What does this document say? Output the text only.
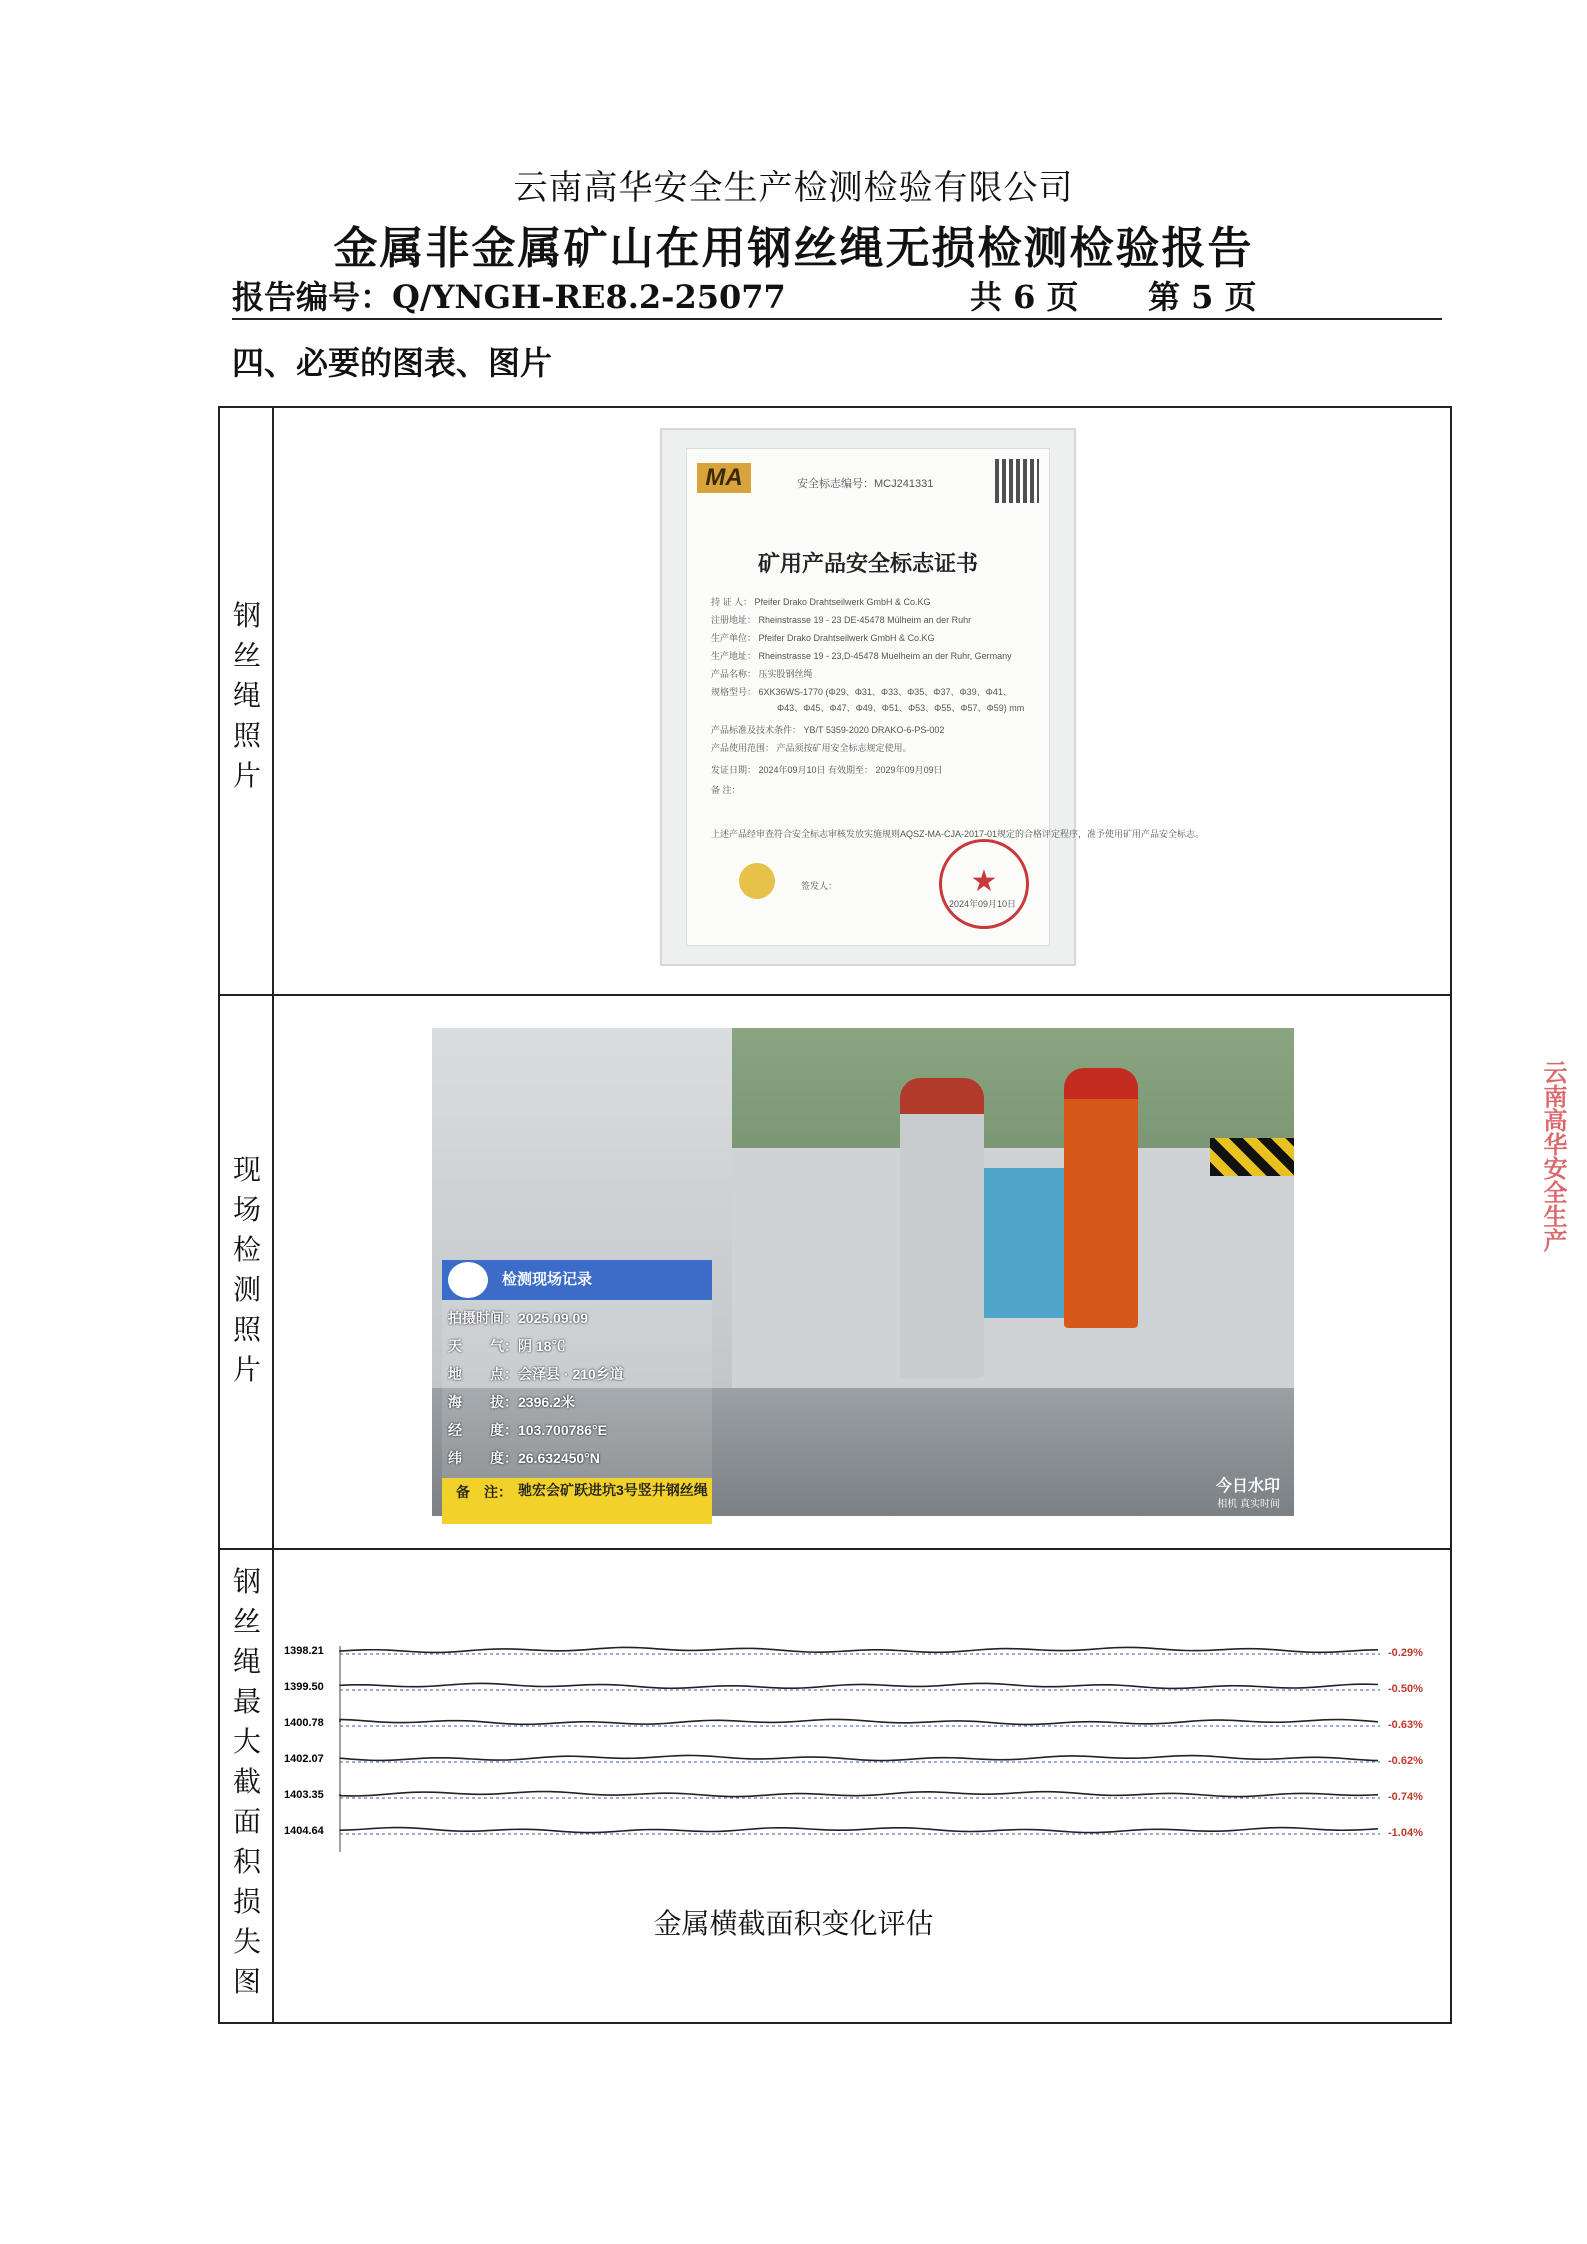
云南高华安全生产检测检验有限公司
金属非金属矿山在用钢丝绳无损检测检验报告
报告编号：Q/YNGH-RE8.2-25077	共 6 页 第 5 页
四、必要的图表、图片
钢
丝
绳
照
片
现
场
检
测
照
片
钢
丝
绳
最
大
截
面
积
损
失
图
MA	安全标志编号：MCJ241331
矿用产品安全标志证书
持 证 人： Pfeifer Drako Drahtseilwerk GmbH & Co.KG
注册地址： Rheinstrasse 19 - 23 DE-45478 Mülheim an der Ruhr
生产单位： Pfeifer Drako Drahtseilwerk GmbH & Co.KG
生产地址： Rheinstrasse 19 - 23,D-45478 Muelheim an der Ruhr, Germany
产品名称： 压实股钢丝绳
规格型号： 6XK36WS-1770 (Φ29、Φ31、Φ33、Φ35、Φ37、Φ39、Φ41、
Φ43、Φ45、Φ47、Φ49、Φ51、Φ53、Φ55、Φ57、Φ59) mm
产品标准及技术条件： YB/T 5359-2020 DRAKO-6-PS-002
产品使用范围： 产品须按矿用安全标志规定使用。
发证日期： 2024年09月10日 有效期至： 2029年09月09日
备 注：
上述产品经审查符合安全标志审核发放实施规则AQSZ-MA-CJA-2017-01规定的合格评定程序，准予使用矿用产品安全标志。
签发人：	★
2024年09月10日
检测现场记录
拍摄时间：2025.09.09
天　　气：阴 18℃
地　　点：会泽县 · 210乡道
海　　拔：2396.2米
经　　度：103.700786°E
纬　　度：26.632450°N
备　注： 驰宏会矿跃进坑3号竖井钢丝绳	今日水印
相机 真实时间
1398.21	-0.29%
1399.50	-0.50%
1400.78	-0.63%
1402.07	-0.62%
1403.35	-0.74%
1404.64	-1.04%
金属横截面积变化评估
云南高华安全生产
